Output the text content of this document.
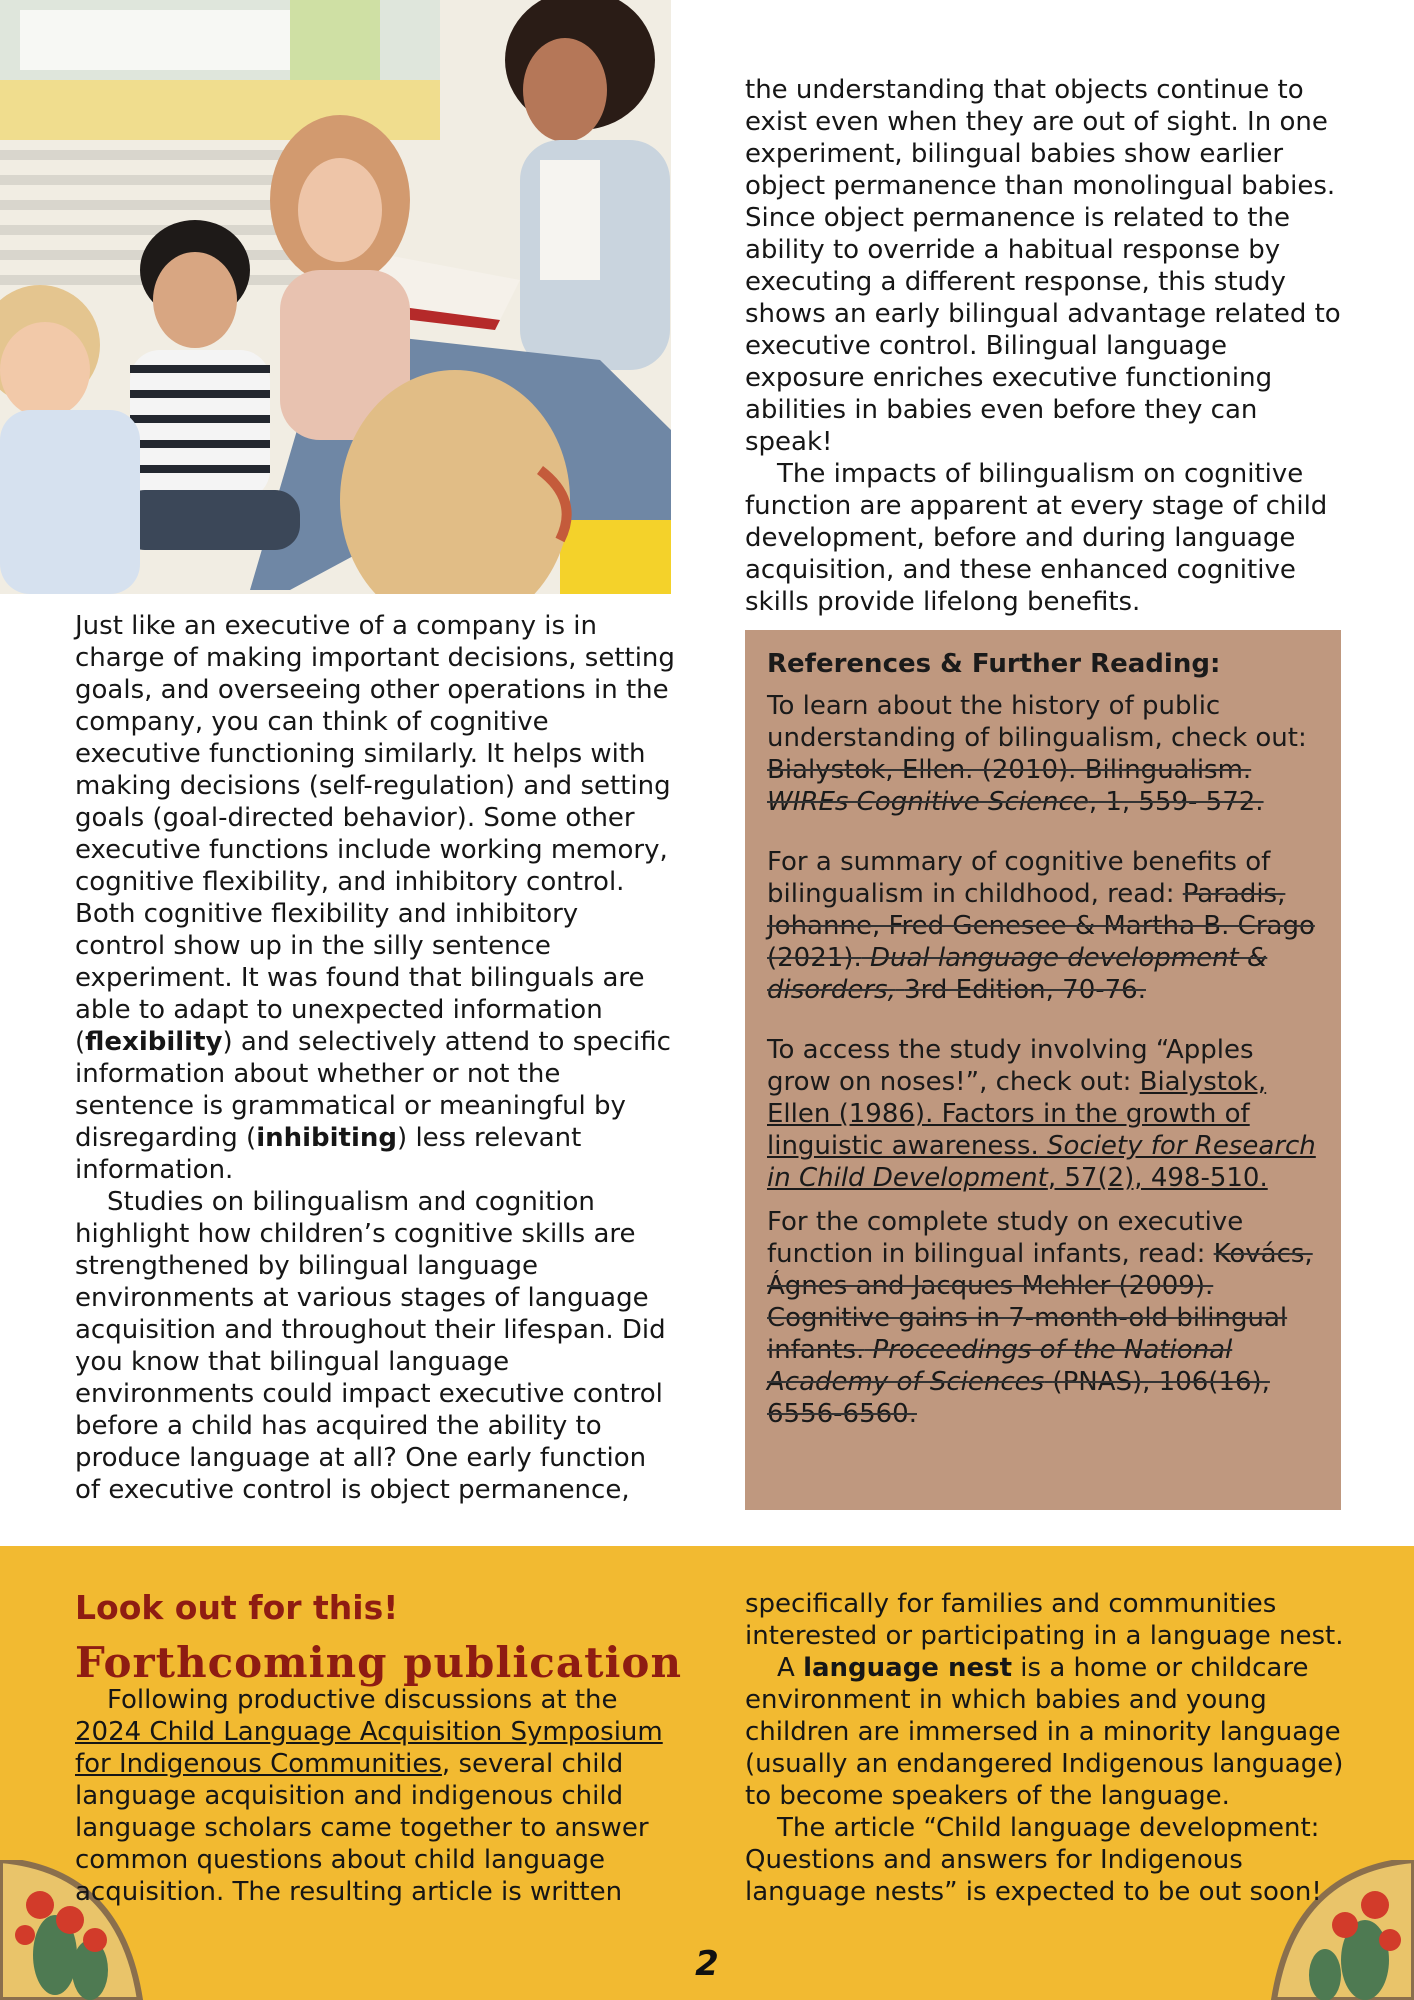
Just like an executive of a company is in charge of making important decisions, setting goals, and overseeing other operations in the company, you can think of cognitive executive functioning similarly. It helps with making decisions (self-regulation) and setting goals (goal-directed behavior). Some other executive functions include working memory, cognitive flexibility, and inhibitory control. Both cognitive flexibility and inhibitory control show up in the silly sentence experiment. It was found that bilinguals are able to adapt to unexpected information (flexibility) and selectively attend to specific information about whether or not the sentence is grammatical or meaningful by disregarding (inhibiting) less relevant information.

Studies on bilingualism and cognition highlight how children’s cognitive skills are strengthened by bilingual language environments at various stages of language acquisition and throughout their lifespan. Did you know that bilingual language environments could impact executive control before a child has acquired the ability to produce language at all? One early function of executive control is object permanence,

the understanding that objects continue to exist even when they are out of sight. In one experiment, bilingual babies show earlier object permanence than monolingual babies. Since object permanence is related to the ability to override a habitual response by executing a different response, this study shows an early bilingual advantage related to executive control. Bilingual language exposure enriches executive functioning abilities in babies even before they can speak!

The impacts of bilingualism on cognitive function are apparent at every stage of child development, before and during language acquisition, and these enhanced cognitive skills provide lifelong benefits.

References & Further Reading:

To learn about the history of public understanding of bilingualism, check out: Bialystok, Ellen. (2010). Bilingualism. WIREs Cognitive Science, 1, 559- 572.

For a summary of cognitive benefits of bilingualism in childhood, read: Paradis, Johanne, Fred Genesee & Martha B. Crago (2021). Dual language development & disorders, 3rd Edition, 70-76.

To access the study involving “Apples grow on noses!”, check out: Bialystok, Ellen (1986). Factors in the growth of linguistic awareness. Society for Research in Child Development, 57(2), 498-510.

For the complete study on executive function in bilingual infants, read: Kovács, Ágnes and Jacques Mehler (2009). Cognitive gains in 7-month-old bilingual infants. Proceedings of the National Academy of Sciences (PNAS), 106(16), 6556-6560.

Look out for this!
Forthcoming publication

Following productive discussions at the 2024 Child Language Acquisition Symposium for Indigenous Communities, several child language acquisition and indigenous child language scholars came together to answer common questions about child language acquisition. The resulting article is written

specifically for families and communities interested or participating in a language nest.

A language nest is a home or childcare environment in which babies and young children are immersed in a minority language (usually an endangered Indigenous language) to become speakers of the language.

The article “Child language development: Questions and answers for Indigenous language nests” is expected to be out soon!

2
